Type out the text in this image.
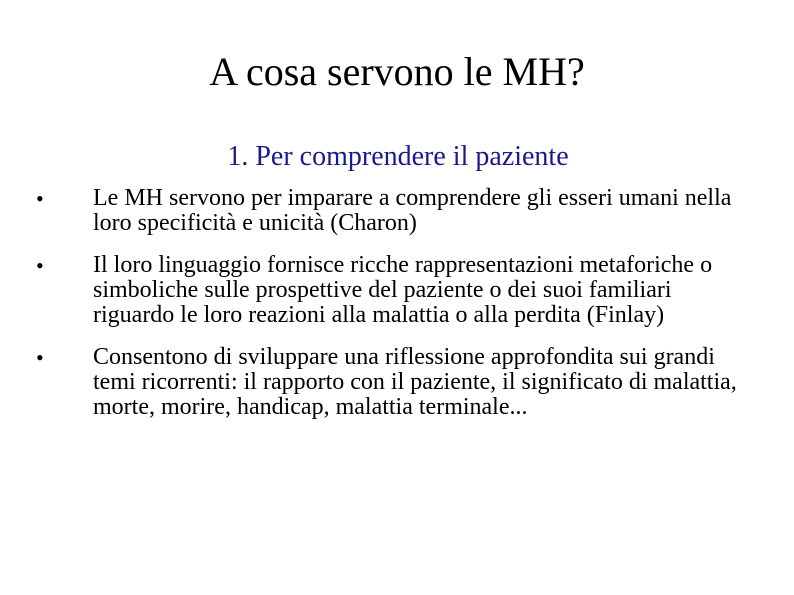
A cosa servono le MH?
1. Per comprendere il paziente
• Le MH servono per imparare a comprendere gli esseri umani nella loro specificità e unicità (Charon)
• Il loro linguaggio fornisce ricche rappresentazioni metaforiche o simboliche sulle prospettive del paziente o dei suoi familiari riguardo le loro reazioni alla malattia o alla perdita (Finlay)
• Consentono di sviluppare una riflessione approfondita sui grandi temi ricorrenti: il rapporto con il paziente, il significato di malattia, morte, morire, handicap, malattia terminale...
